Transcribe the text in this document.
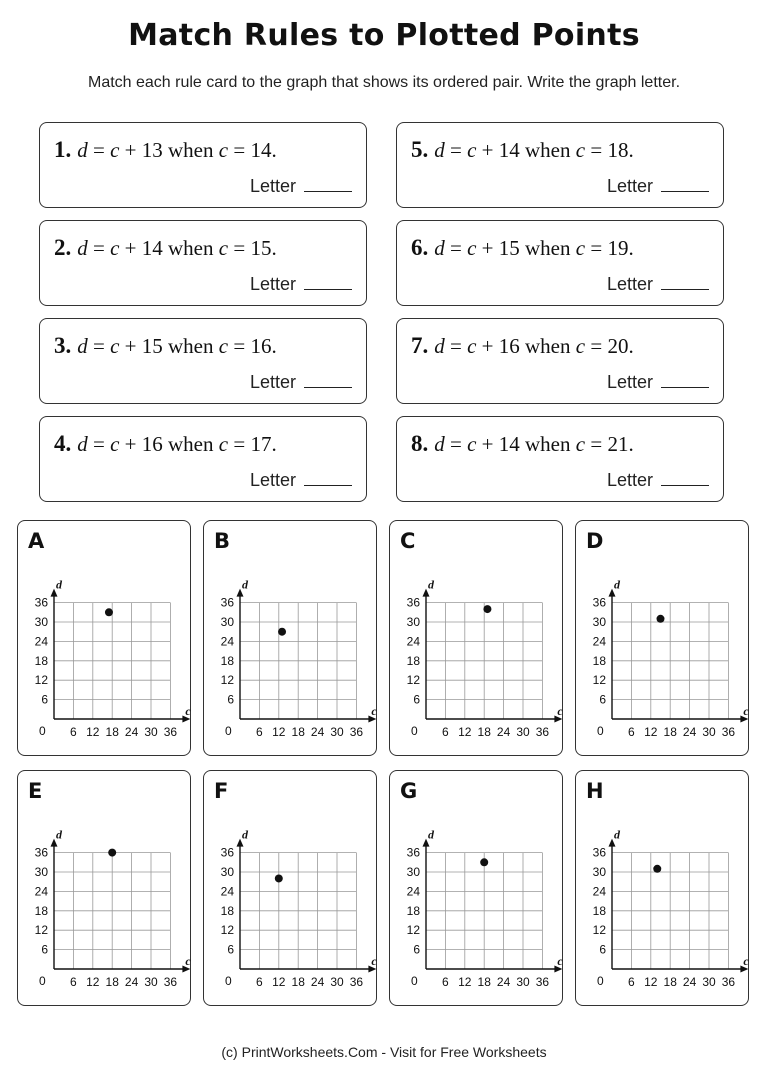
Match Rules to Plotted Points
Match each rule card to the graph that shows its ordered pair. Write the graph letter.
1. d = c + 13 when c = 14.
Letter
2. d = c + 14 when c = 15.
Letter
3. d = c + 15 when c = 16.
Letter
4. d = c + 16 when c = 17.
Letter
5. d = c + 14 when c = 18.
Letter
6. d = c + 15 when c = 19.
Letter
7. d = c + 16 when c = 20.
Letter
8. d = c + 14 when c = 21.
Letter
A
c
d
0 6 12 18 24 30 36
6
12
18
24
30
36
B
c
d
0 6 12 18 24 30 36
6
12
18
24
30
36
C
c
d
0 6 12 18 24 30 36
6
12
18
24
30
36
D
c
d
0 6 12 18 24 30 36
6
12
18
24
30
36
E
c
d
0 6 12 18 24 30 36
6
12
18
24
30
36
F
c
d
0 6 12 18 24 30 36
6
12
18
24
30
36
G
c
d
0 6 12 18 24 30 36
6
12
18
24
30
36
H
c
d
0 6 12 18 24 30 36
6
12
18
24
30
36
(c) PrintWorksheets.Com - Visit for Free Worksheets
